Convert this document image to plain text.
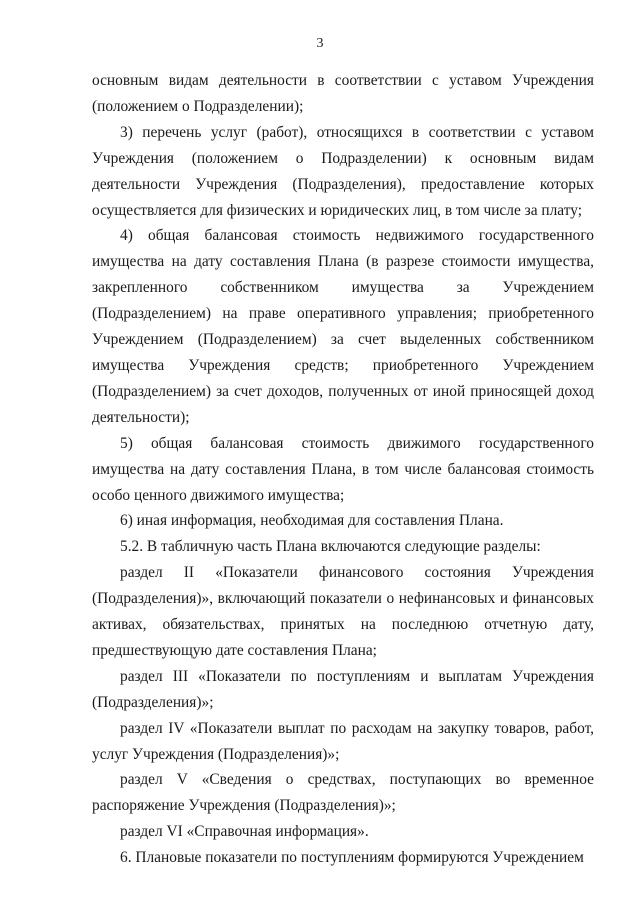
3

основным видам деятельности в соответствии с уставом Учреждения (положением о Подразделении);

3) перечень услуг (работ), относящихся в соответствии с уставом Учреждения (положением о Подразделении) к основным видам деятельности Учреждения (Подразделения), предоставление которых осуществляется для физических и юридических лиц, в том числе за плату;

4) общая балансовая стоимость недвижимого государственного имущества на дату составления Плана (в разрезе стоимости имущества, закрепленного собственником имущества за Учреждением (Подразделением) на праве оперативного управления; приобретенного Учреждением (Подразделением) за счет выделенных собственником имущества Учреждения средств; приобретенного Учреждением (Подразделением) за счет доходов, полученных от иной приносящей доход деятельности);

5) общая балансовая стоимость движимого государственного имущества на дату составления Плана, в том числе балансовая стоимость особо ценного движимого имущества;

6) иная информация, необходимая для составления Плана.

5.2. В табличную часть Плана включаются следующие разделы:

раздел II «Показатели финансового состояния Учреждения (Подразделения)», включающий показатели о нефинансовых и финансовых активах, обязательствах, принятых на последнюю отчетную дату, предшествующую дате составления Плана;

раздел III «Показатели по поступлениям и выплатам Учреждения (Подразделения)»;

раздел IV «Показатели выплат по расходам на закупку товаров, работ, услуг Учреждения (Подразделения)»;

раздел V «Сведения о средствах, поступающих во временное распоряжение Учреждения (Подразделения)»;

раздел VI «Справочная информация».

6. Плановые показатели по поступлениям формируются Учреждением
